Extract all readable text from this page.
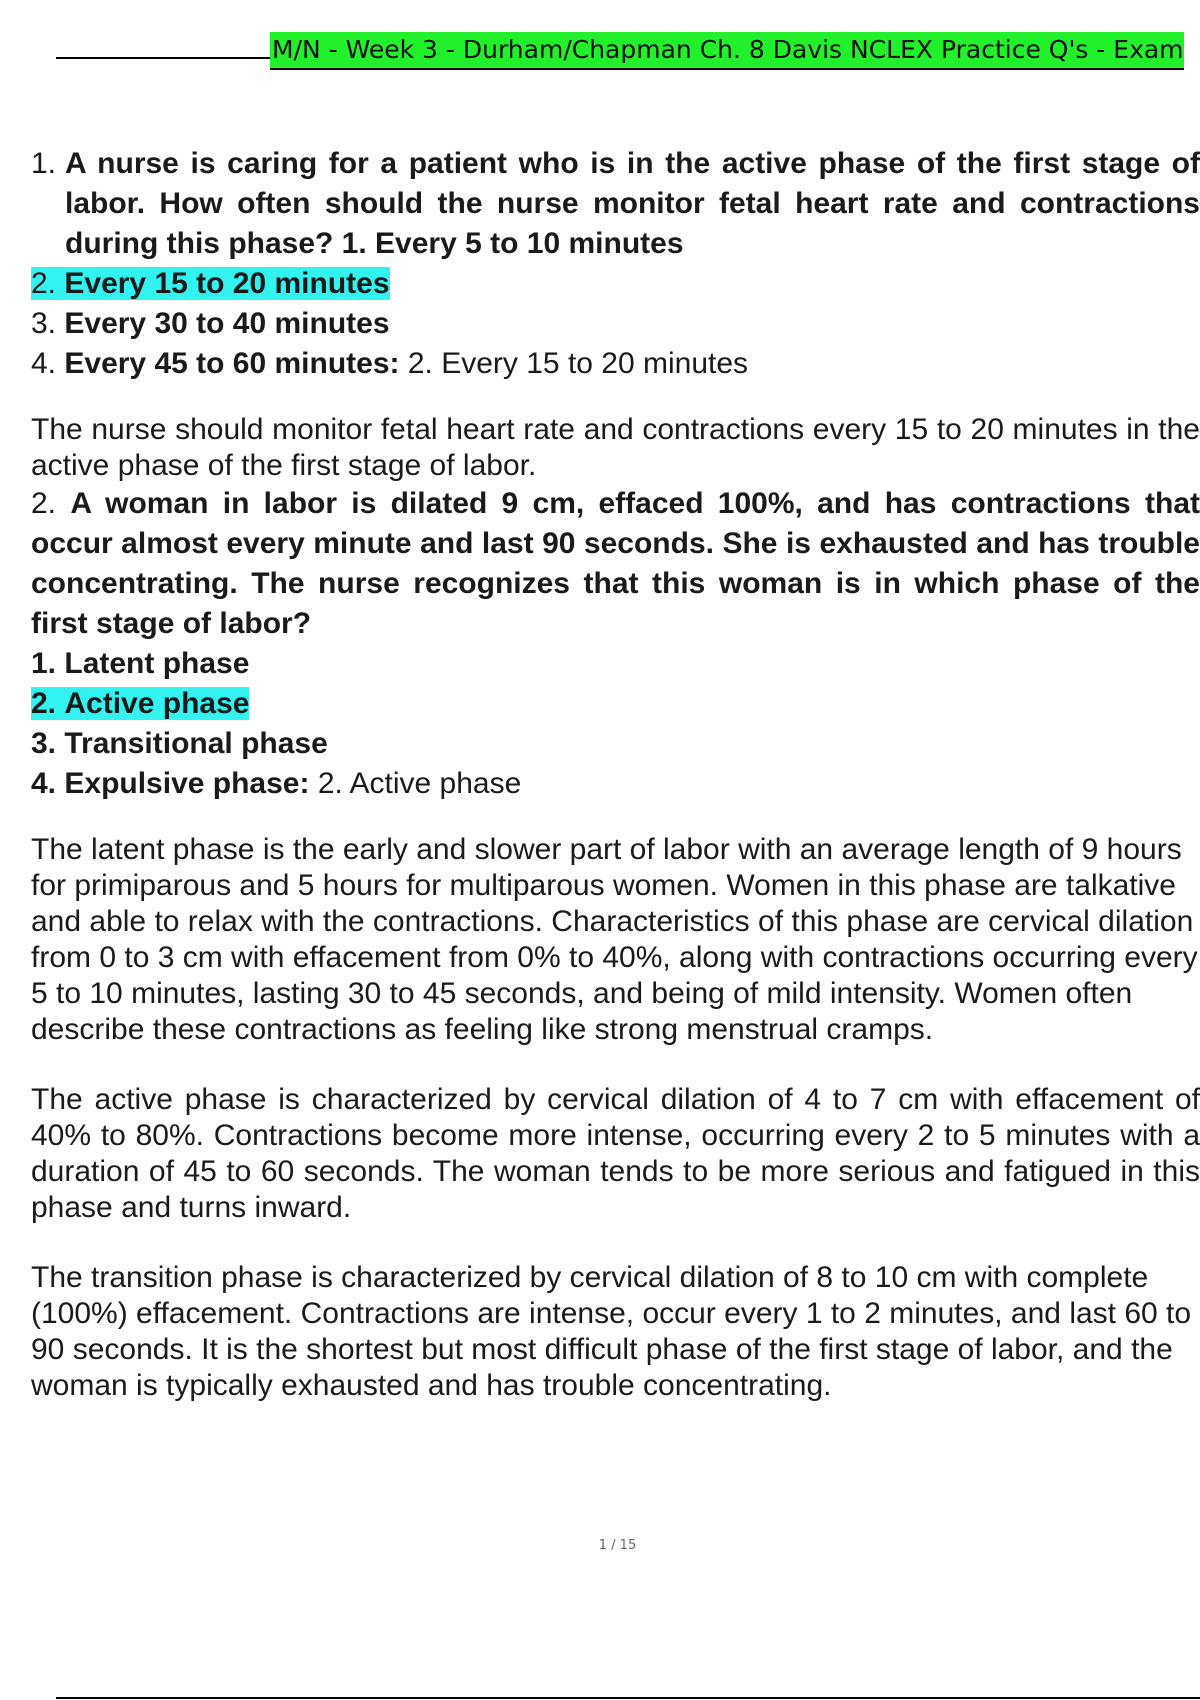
M/N - Week 3 - Durham/Chapman Ch. 8 Davis NCLEX Practice Q's - Exam
1. A nurse is caring for a patient who is in the active phase of the first stage of labor. How often should the nurse monitor fetal heart rate and contractions during this phase? 1. Every 5 to 10 minutes
2. Every 15 to 20 minutes
3. Every 30 to 40 minutes
4. Every 45 to 60 minutes: 2. Every 15 to 20 minutes
The nurse should monitor fetal heart rate and contractions every 15 to 20 minutes in the active phase of the first stage of labor.
2. A woman in labor is dilated 9 cm, effaced 100%, and has contractions that occur almost every minute and last 90 seconds. She is exhausted and has trouble concentrating. The nurse recognizes that this woman is in which phase of the first stage of labor?
1. Latent phase
2. Active phase
3. Transitional phase
4. Expulsive phase: 2. Active phase
The latent phase is the early and slower part of labor with an average length of 9 hours for primiparous and 5 hours for multiparous women. Women in this phase are talkative and able to relax with the contractions. Characteristics of this phase are cervical dilation from 0 to 3 cm with effacement from 0% to 40%, along with contractions occurring every 5 to 10 minutes, lasting 30 to 45 seconds, and being of mild intensity. Women often describe these contractions as feeling like strong menstrual cramps.
The active phase is characterized by cervical dilation of 4 to 7 cm with effacement of 40% to 80%. Contractions become more intense, occurring every 2 to 5 minutes with a duration of 45 to 60 seconds. The woman tends to be more serious and fatigued in this phase and turns inward.
The transition phase is characterized by cervical dilation of 8 to 10 cm with complete (100%) effacement. Contractions are intense, occur every 1 to 2 minutes, and last 60 to 90 seconds. It is the shortest but most difficult phase of the first stage of labor, and the woman is typically exhausted and has trouble concentrating.
1 / 15
